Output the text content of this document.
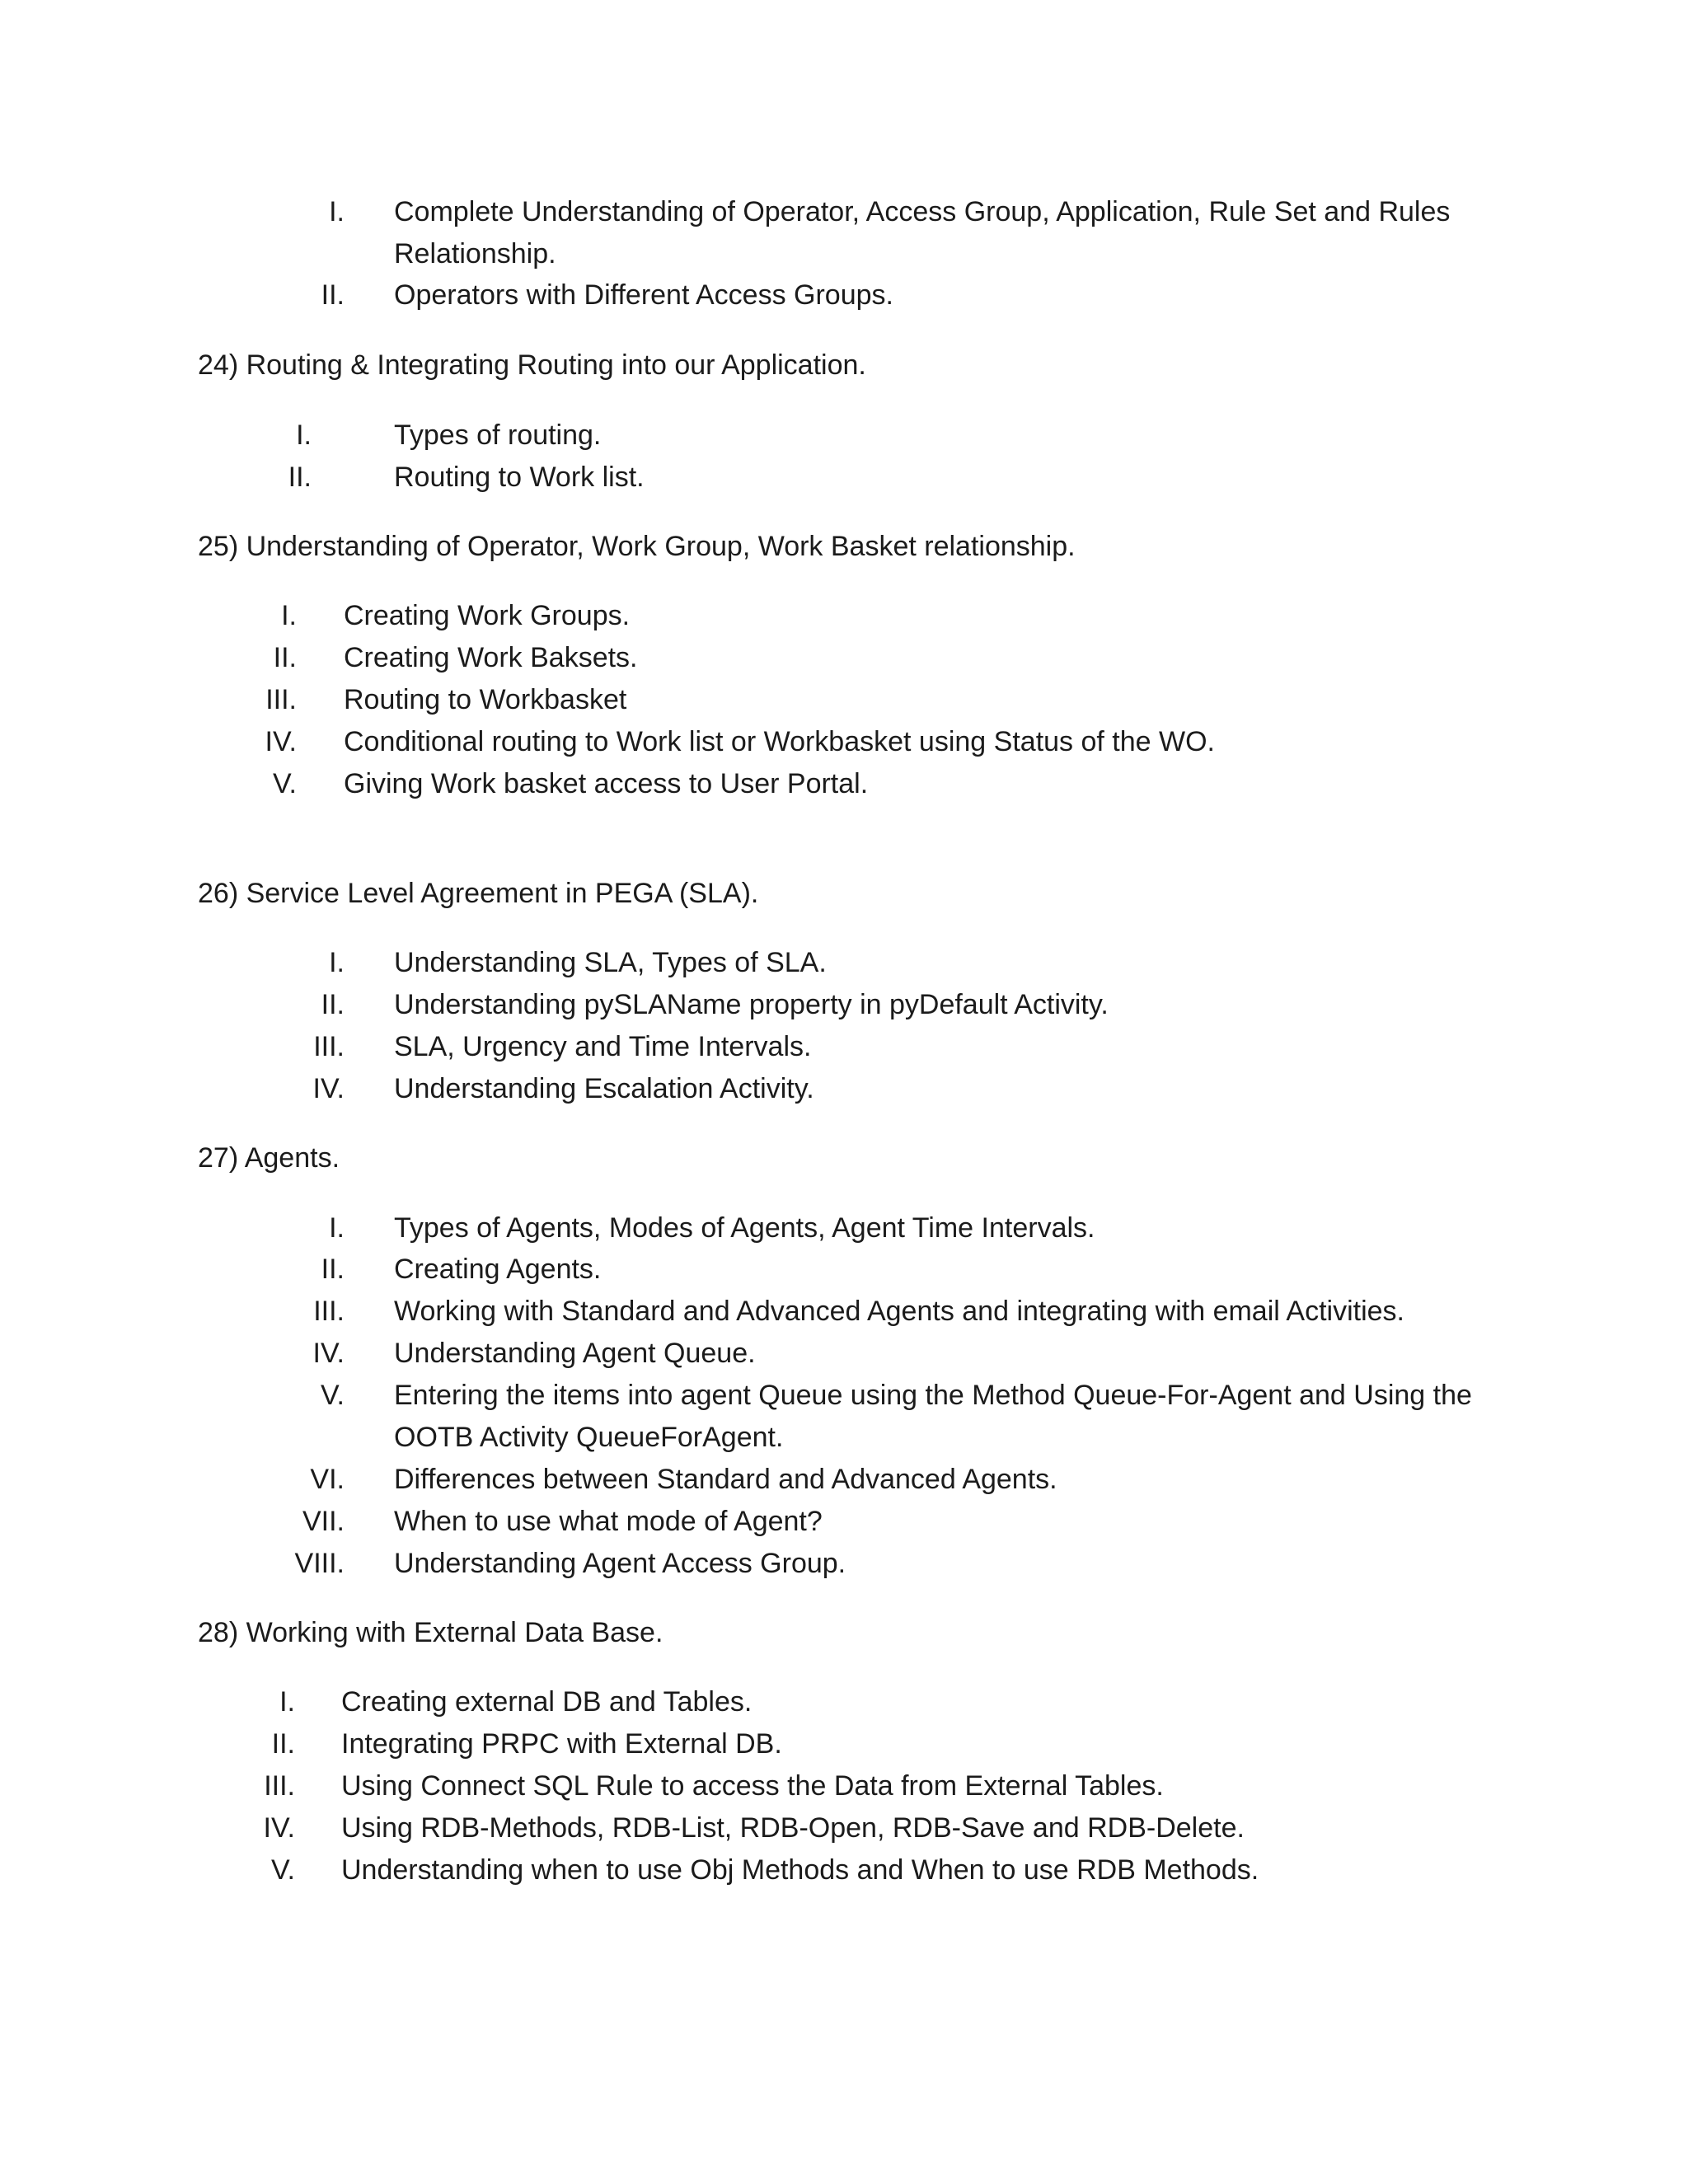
I. Complete Understanding of Operator, Access Group, Application, Rule Set and Rules
Relationship.
II. Operators with Different Access Groups.
24) Routing & Integrating Routing into our Application.
I.	Types of routing.
II.	Routing to Work list.
25) Understanding of Operator, Work Group, Work Basket relationship.
I. Creating Work Groups.
II. Creating Work Baksets.
III. Routing to Workbasket
IV. Conditional routing to Work list or Workbasket using Status of the WO.
V. Giving Work basket access to User Portal.
26) Service Level Agreement in PEGA (SLA).
I. Understanding SLA, Types of SLA.
II. Understanding pySLAName property in pyDefault Activity.
III. SLA, Urgency and Time Intervals.
IV. Understanding Escalation Activity.
27) Agents.
I. Types of Agents, Modes of Agents, Agent Time Intervals.
II. Creating Agents.
III. Working with Standard and Advanced Agents and integrating with email Activities.
IV. Understanding Agent Queue.
V. Entering the items into agent Queue using the Method Queue-For-Agent and Using the
OOTB Activity QueueForAgent.
VI. Differences between Standard and Advanced Agents.
VII. When to use what mode of Agent?
VIII. Understanding Agent Access Group.
28) Working with External Data Base.
I. Creating external DB and Tables.
II. Integrating PRPC with External DB.
III. Using Connect SQL Rule to access the Data from External Tables.
IV. Using RDB-Methods, RDB-List, RDB-Open, RDB-Save and RDB-Delete.
V. Understanding when to use Obj Methods and When to use RDB Methods.
